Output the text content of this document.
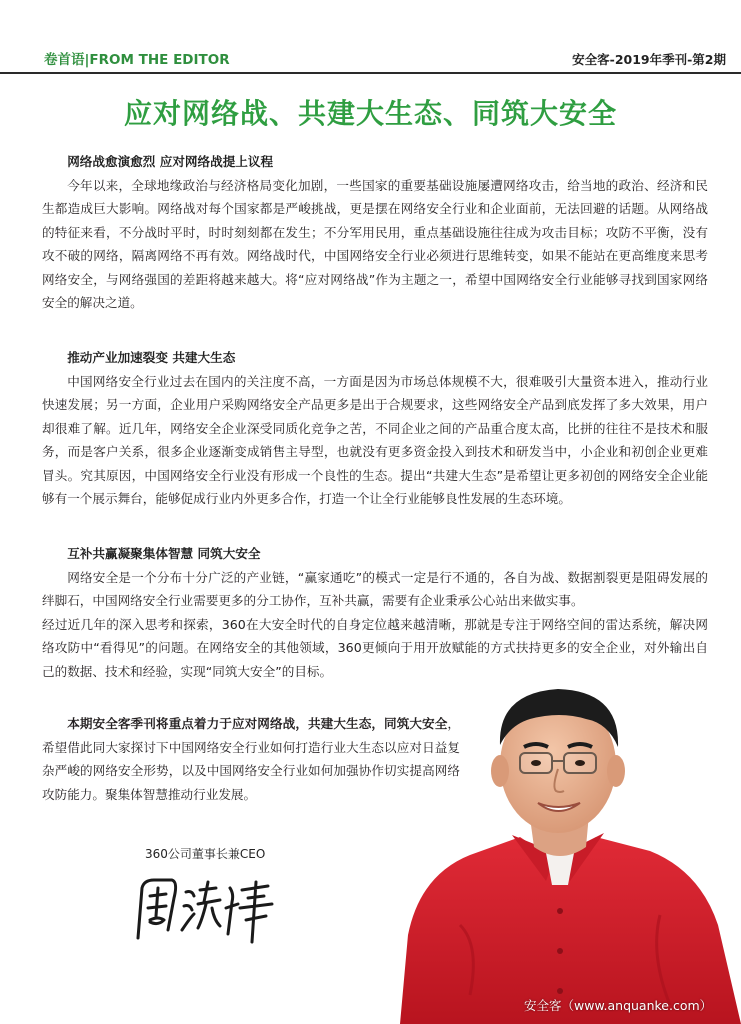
卷首语|FROM THE EDITOR	安全客-2019年季刊-第2期
应对网络战、共建大生态、同筑大安全
网络战愈演愈烈 应对网络战提上议程
今年以来，全球地缘政治与经济格局变化加剧，一些国家的重要基础设施屡遭网络攻击，给当地的政治、经济和民生都造成巨大影响。网络战对每个国家都是严峻挑战，更是摆在网络安全行业和企业面前，无法回避的话题。从网络战的特征来看，不分战时平时，时时刻刻都在发生；不分军用民用，重点基础设施往往成为攻击目标；攻防不平衡，没有攻不破的网络，隔离网络不再有效。网络战时代，中国网络安全行业必须进行思维转变，如果不能站在更高维度来思考网络安全，与网络强国的差距将越来越大。将“应对网络战”作为主题之一，希望中国网络安全行业能够寻找到国家网络安全的解决之道。
推动产业加速裂变 共建大生态
中国网络安全行业过去在国内的关注度不高，一方面是因为市场总体规模不大，很难吸引大量资本进入，推动行业快速发展；另一方面，企业用户采购网络安全产品更多是出于合规要求，这些网络安全产品到底发挥了多大效果，用户却很难了解。近几年，网络安全企业深受同质化竞争之苦，不同企业之间的产品重合度太高，比拼的往往不是技术和服务，而是客户关系，很多企业逐渐变成销售主导型，也就没有更多资金投入到技术和研发当中，小企业和初创企业更难冒头。究其原因，中国网络安全行业没有形成一个良性的生态。提出“共建大生态”是希望让更多初创的网络安全企业能够有一个展示舞台，能够促成行业内外更多合作，打造一个让全行业能够良性发展的生态环境。
互补共赢凝聚集体智慧 同筑大安全
网络安全是一个分布十分广泛的产业链，“赢家通吃”的模式一定是行不通的，各自为战、数据割裂更是阻碍发展的绊脚石，中国网络安全行业需要更多的分工协作，互补共赢，需要有企业秉承公心站出来做实事。
经过近几年的深入思考和探索，360在大安全时代的自身定位越来越清晰，那就是专注于网络空间的雷达系统，解决网络攻防中“看得见”的问题。在网络安全的其他领域，360更倾向于用开放赋能的方式扶持更多的安全企业，对外输出自己的数据、技术和经验，实现“同筑大安全”的目标。
本期安全客季刊将重点着力于应对网络战，共建大生态，同筑大安全，希望借此同大家探讨下中国网络安全行业如何打造行业大生态以应对日益复杂严峻的网络安全形势，以及中国网络安全行业如何加强协作切实提高网络攻防能力。聚集体智慧推动行业发展。
360公司董事长兼CEO
安全客（www.anquanke.com）
